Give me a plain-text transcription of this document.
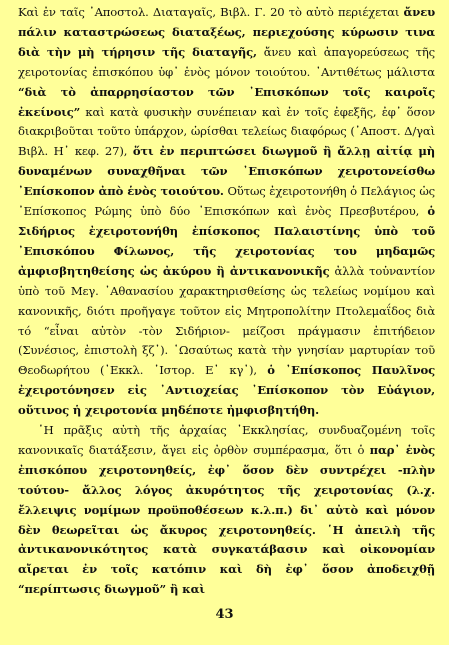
Καὶ ἐν ταῖς ᾿Αποστολ. Διαταγαῖς, Βιβλ. Γ. 20 τὸ αὐτὸ περιέχεται ἄνευ πάλιν καταστρώσεως διαταξέως, περιεχούσης κύρωσιν τινα διὰ τὴν μὴ τήρησιν τῆς διαταγῆς, ἄνευ καὶ ἀπαγορεύσεως τῆς χειροτονίας ἐπισκόπου ὑφ᾿ ἑνὸς μόνον τοιούτου. ᾿Αντιθέτως μάλιστα “διὰ τὸ ἀπαρρησίαστον τῶν ᾿Επισκόπων τοῖς καιροῖς ἐκείνοις” καὶ κατὰ φυσικὴν συνέπειαν καὶ ἐν τοῖς ἐφεξῆς, ἐφ᾿ ὅσον διακριβοῦται τοῦτο ὑπάρχον, ὡρίσθαι τελείως διαφόρως (᾿Αποστ. Δ/γαὶ Βιβλ. Η᾿ κεφ. 27), ὅτι ἐν περιπτώσει διωγμοῦ ἢ ἄλλῃ αἰτίᾳ μὴ δυναμένων συναχθῆναι τῶν ᾿Επισκόπων χειροτονείσθω ᾿Επίσκοπον ἀπὸ ἑνὸς τοιούτου. Οὕτως ἐχειροτονήθη ὁ Πελάγιος ὡς ᾿Επίσκοπος Ρώμης ὑπὸ δύο ᾿Επισκόπων καὶ ἑνὸς Πρεσβυτέρου, ὁ Σιδήριος ἐχειροτονήθη ἐπίσκοπος Παλαιστίνης ὑπὸ τοῦ ᾿Επισκόπου Φίλωνος, τῆς χειροτονίας του μηδαμῶς ἀμφισβητηθείσης ὡς ἀκύρου ἢ ἀντικανονικῆς ἀλλὰ τοὐναντίον ὑπὸ τοῦ Μεγ. ᾿Αθανασίου χαρακτηρισθείσης ὡς τελείως νομίμου καὶ κανονικῆς, διότι προῆγαγε τοῦτον εἰς Μητροπολίτην Πτολεμαΐδος διὰ τό “εἶναι αὐτὸν -τὸν Σιδήριον- μείζοσι πράγμασιν ἐπιτήδειον (Συνέσιος, ἐπιστολὴ ξζ᾿). ῾Ωσαύτως κατὰ τὴν γνησίαν μαρτυρίαν τοῦ Θεοδωρήτου (᾿Εκκλ. ᾿Ιστορ. Ε᾿ κγ᾿), ὁ ᾿Επίσκοπος Παυλῖνος ἐχειροτόνησεν εἰς ᾿Αντιοχείας ᾿Επίσκοπον τὸν Εὐάγιον, οὕτινος ἡ χειροτονία μηδέποτε ἠμφισβητήθη.

῾Η πρᾶξις αὐτὴ τῆς ἀρχαίας ᾿Εκκλησίας, συνδυαζομένη τοῖς κανονικαῖς διατάξεσιν, ἄγει εἰς ὀρθὸν συμπέρασμα, ὅτι ὁ παρ᾿ ἑνὸς ἐπισκόπου χειροτονηθείς, ἐφ᾿ ὅσον δὲν συντρέχει -πλὴν τούτου- ἄλλος λόγος ἀκυρότητος τῆς χειροτονίας (λ.χ. ἔλλειψις νομίμων προϋποθέσεων κ.λ.π.) δι᾿ αὐτὸ καὶ μόνον δὲν θεωρεῖται ὡς ἄκυρος χειροτονηθείς. ῾Η ἀπειλὴ τῆς ἀντικανονικότητος κατὰ συγκατάβασιν καὶ οἰκονομίαν αἴρεται ἐν τοῖς κατόπιν καὶ δὴ ἐφ᾿ ὅσον ἀποδειχθῇ “περίπτωσις διωγμοῦ” ἢ καὶ

43
